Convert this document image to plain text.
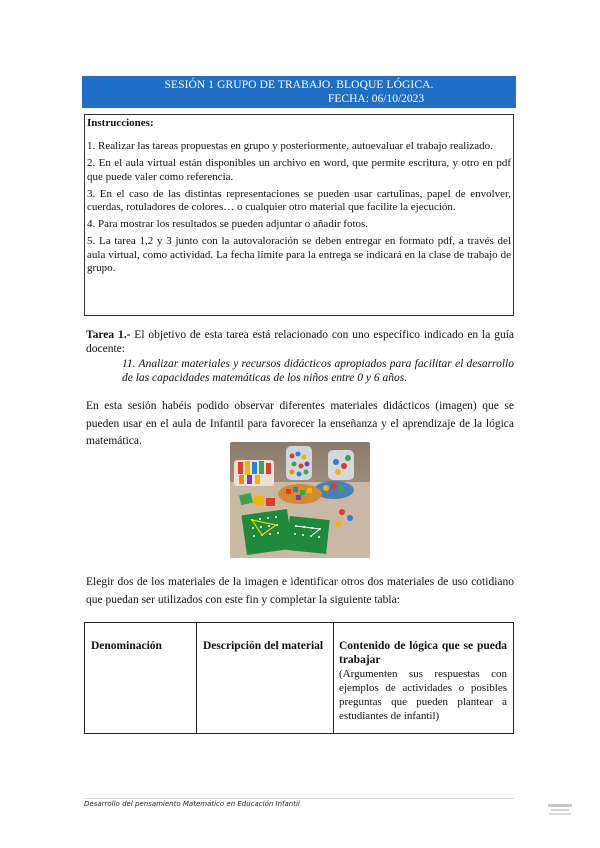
SESIÓN 1 GRUPO DE TRABAJO. BLOQUE LÓGICA.
FECHA: 06/10/2023
Instrucciones:

1. Realizar las tareas propuestas en grupo y posteriormente, autoevaluar el trabajo realizado.

2. En el aula virtual están disponibles un archivo en word, que permite escritura, y otro en pdf que puede valer como referencia.

3. En el caso de las distintas representaciones se pueden usar cartulinas, papel de envolver, cuerdas, rotuladores de colores… o cualquier otro material que facilite la ejecución.

4. Para mostrar los resultados se pueden adjuntar o añadir fotos.

5. La tarea 1,2 y 3 junto con la autovaloración se deben entregar en formato pdf, a través del aula virtual, como actividad. La fecha límite para la entrega se indicará en la clase de trabajo de grupo.

Tarea 1.- El objetivo de esta tarea está relacionado con uno específico indicado en la guía docente:
11. Analizar materiales y recursos didácticos apropiados para facilitar el desarrollo de las capacidades matemáticas de los niños entre 0 y 6 años.
En esta sesión habéis podido observar diferentes materiales didácticos (imagen) que se pueden usar en el aula de Infantil para favorecer la enseñanza y el aprendizaje de la lógica matemática.
Elegir dos de los materiales de la imagen e identificar otros dos materiales de uso cotidiano que puedan ser utilizados con este fin y completar la siguiente tabla:
Denominación	Descripción del material	Contenido de lógica que se pueda trabajar
(Argumenten sus respuestas con ejemplos de actividades o posibles preguntas que pueden plantear a estudiantes de infantil)
Desarrollo del pensamiento Matemático en Educación Infantil
